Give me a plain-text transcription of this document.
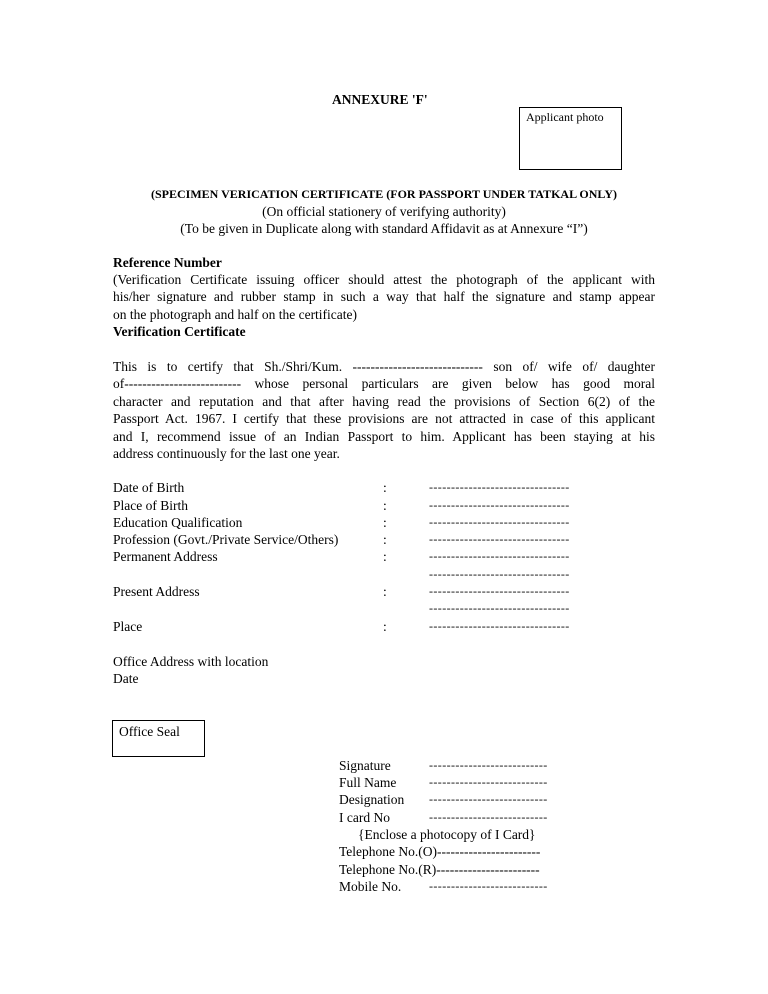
ANNEXURE 'F'
Applicant photo
(SPECIMEN VERICATION CERTIFICATE (FOR PASSPORT UNDER TATKAL ONLY)
(On official stationery of verifying authority)
(To be given in Duplicate along with standard Affidavit as at Annexure “I”)
Reference Number
(Verification Certificate issuing officer should attest the photograph of the applicant with
his/her signature and rubber stamp in such a way that half the signature and stamp appear
on the photograph and half on the certificate)
Verification Certificate
This is to certify that Sh./Shri/Kum. ----------------------------- son of/ wife of/ daughter
of-------------------------- whose personal particulars are given below has good moral
character and reputation and that after having read the provisions of Section 6(2) of the
Passport Act. 1967. I certify that these provisions are not attracted in case of this applicant
and I, recommend issue of an Indian Passport to him. Applicant has been staying at his
address continuously for the last one year.
Date of Birth	:	--------------------------------
Place of Birth	:	--------------------------------
Education Qualification	:	--------------------------------
Profession (Govt./Private Service/Others)	:	--------------------------------
Permanent Address	:	--------------------------------
--------------------------------
Present Address	:	--------------------------------
--------------------------------
Place	:	--------------------------------
Office Address with location
Date
Office Seal
Signature	---------------------------
Full Name	---------------------------
Designation ---------------------------
I card No	---------------------------
{Enclose a photocopy of I Card}
Telephone No.(O)-----------------------
Telephone No.(R)-----------------------
Mobile No. ---------------------------
